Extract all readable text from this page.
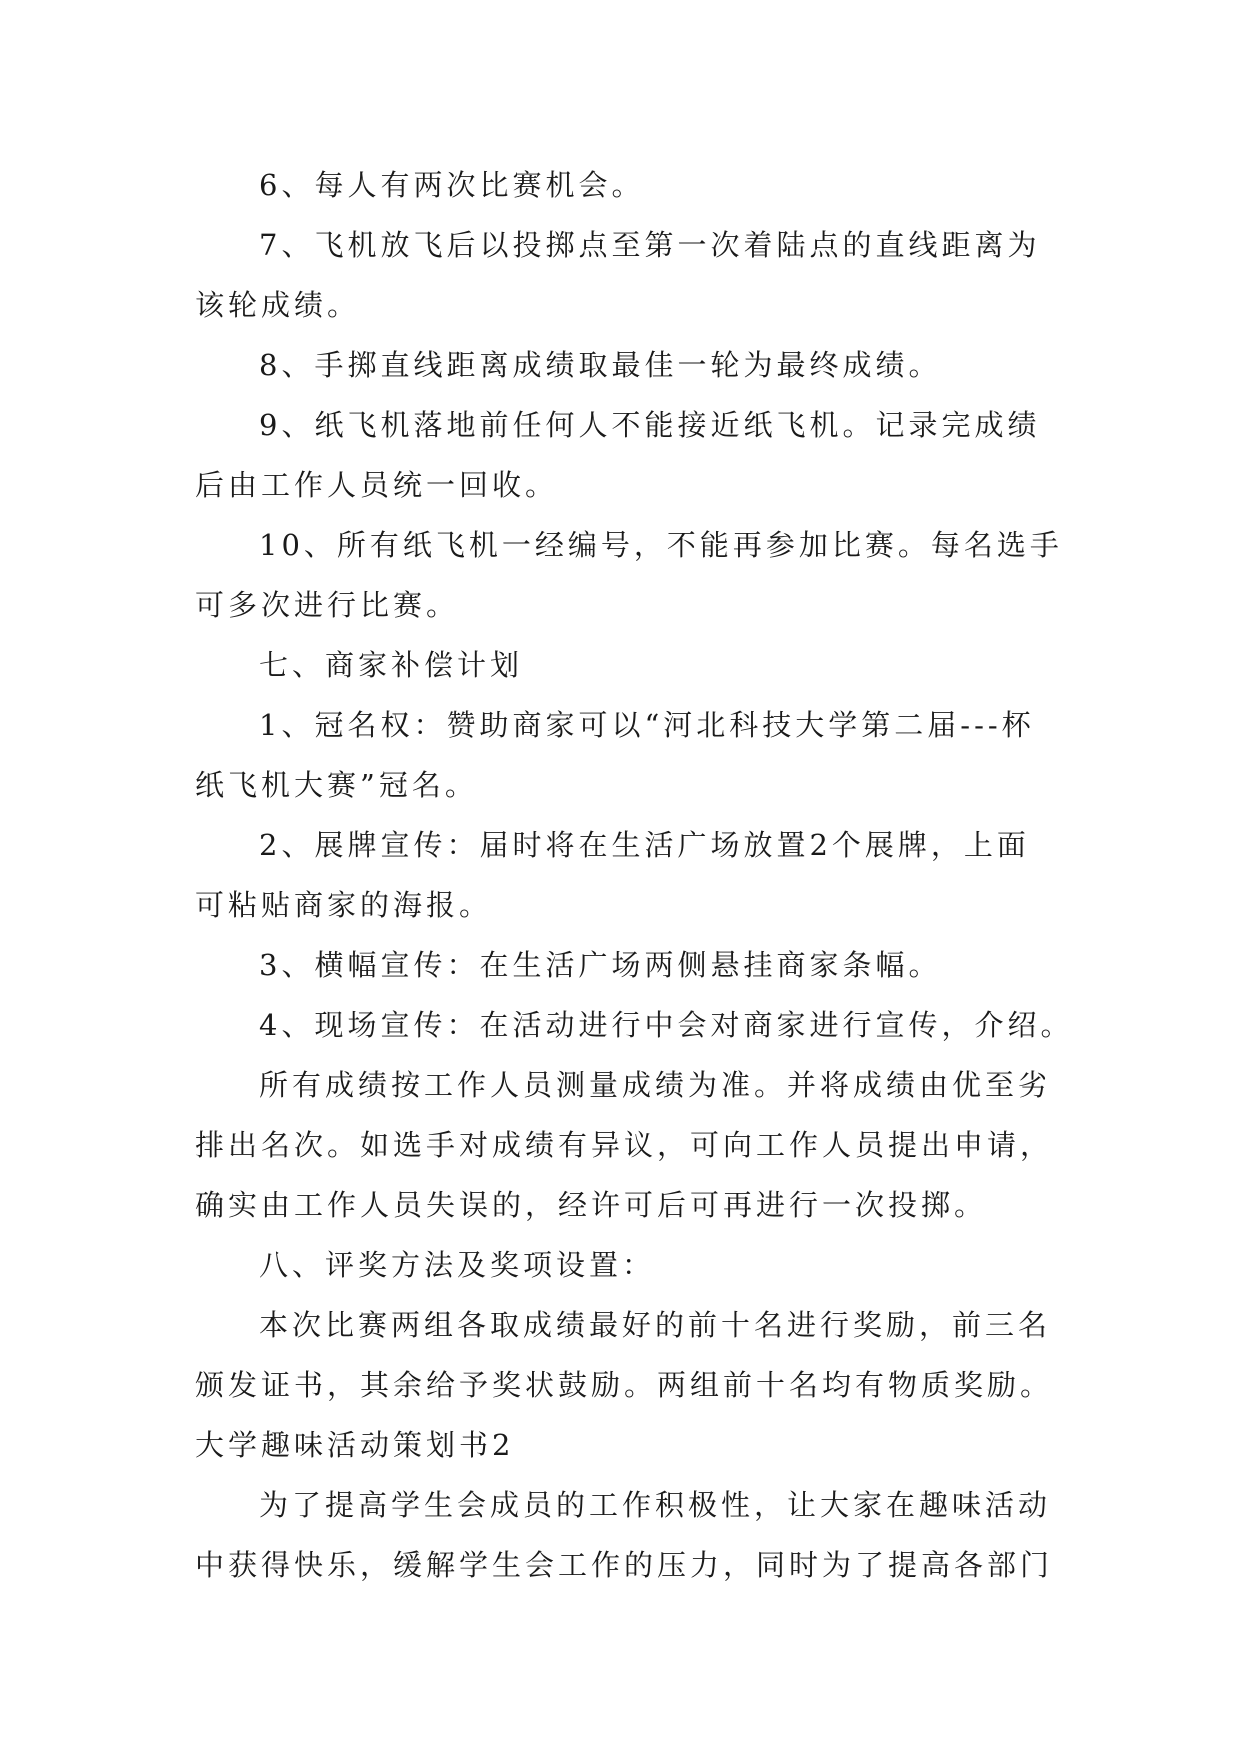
6、每人有两次比赛机会。
7、飞机放飞后以投掷点至第一次着陆点的直线距离为
该轮成绩。
8、手掷直线距离成绩取最佳一轮为最终成绩。
9、纸飞机落地前任何人不能接近纸飞机。记录完成绩
后由工作人员统一回收。
10、所有纸飞机一经编号，不能再参加比赛。每名选手
可多次进行比赛。
七、商家补偿计划
1、冠名权：赞助商家可以“河北科技大学第二届---杯
纸飞机大赛”冠名。
2、展牌宣传：届时将在生活广场放置2个展牌，上面
可粘贴商家的海报。
3、横幅宣传：在生活广场两侧悬挂商家条幅。
4、现场宣传：在活动进行中会对商家进行宣传，介绍。
所有成绩按工作人员测量成绩为准。并将成绩由优至劣
排出名次。如选手对成绩有异议，可向工作人员提出申请，
确实由工作人员失误的，经许可后可再进行一次投掷。
八、评奖方法及奖项设置：
本次比赛两组各取成绩最好的前十名进行奖励，前三名
颁发证书，其余给予奖状鼓励。两组前十名均有物质奖励。
大学趣味活动策划书2
为了提高学生会成员的工作积极性，让大家在趣味活动
中获得快乐，缓解学生会工作的压力，同时为了提高各部门
